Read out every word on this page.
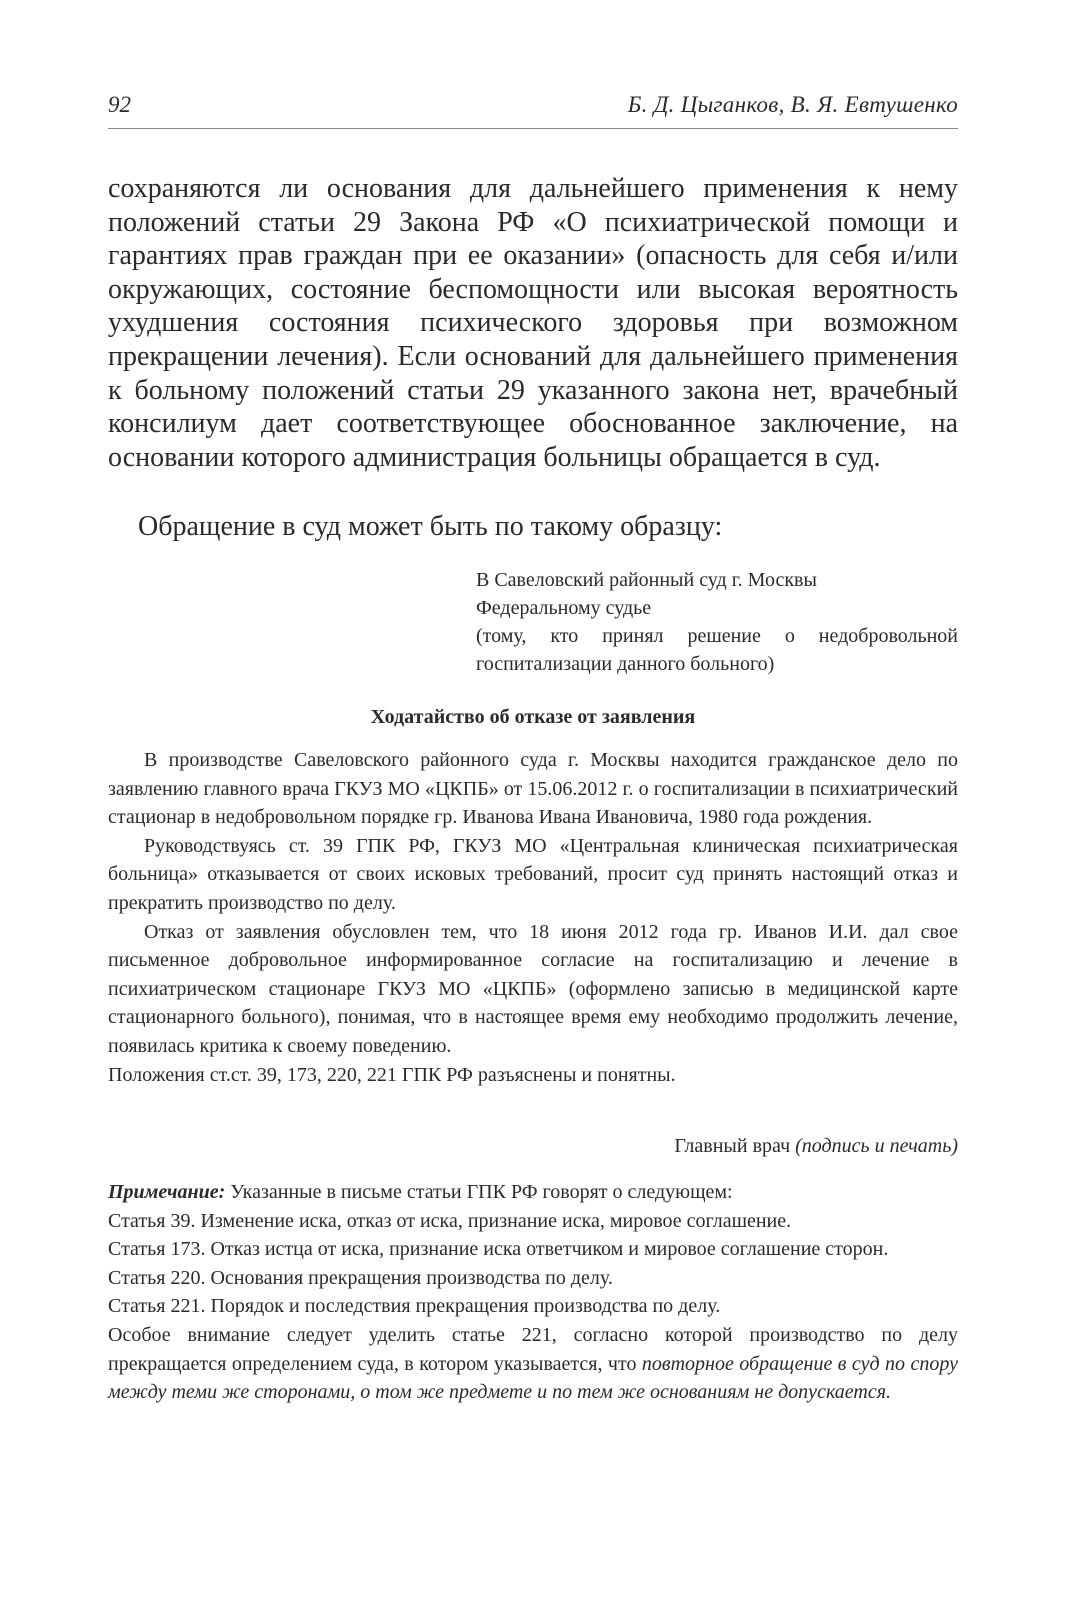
92	Б. Д. Цыганков, В. Я. Евтушенко

сохраняются ли основания для дальнейшего применения к нему положений статьи 29 Закона РФ «О психиатрической помощи и гарантиях прав граждан при ее оказании» (опасность для себя и/или окружающих, состояние беспомощности или высокая вероятность ухудшения состояния психического здоровья при возможном прекращении лечения). Если оснований для дальнейшего применения к больному положений статьи 29 указанного закона нет, врачебный консилиум дает соответствующее обоснованное заключение, на основании которого администрация больницы обращается в суд.

Обращение в суд может быть по такому образцу:
В Савеловский районный суд г. Москвы
Федеральному судье
(тому, кто принял решение о недобровольной
госпитализации данного больного)
Ходатайство об отказе от заявления

В производстве Савеловского районного суда г. Москвы находится гражданское дело по заявлению главного врача ГКУЗ МО «ЦКПБ» от 15.06.2012 г. о госпитализации в психиатрический стационар в недобровольном порядке гр. Иванова Ивана Ивановича, 1980 года рождения.

Руководствуясь ст. 39 ГПК РФ, ГКУЗ МО «Центральная клиническая психиатрическая больница» отказывается от своих исковых требований, просит суд принять настоящий отказ и прекратить производство по делу.

Отказ от заявления обусловлен тем, что 18 июня 2012 года гр. Иванов И.И. дал свое письменное добровольное информированное согласие на госпитализацию и лечение в психиатрическом стационаре ГКУЗ МО «ЦКПБ» (оформлено записью в медицинской карте стационарного больного), понимая, что в настоящее время ему необходимо продолжить лечение, появилась критика к своему поведению.

Положения ст.ст. 39, 173, 220, 221 ГПК РФ разъяснены и понятны.

Главный врач (подпись и печать)

Примечание: Указанные в письме статьи ГПК РФ говорят о следующем:

Статья 39. Изменение иска, отказ от иска, признание иска, мировое соглашение.

Статья 173. Отказ истца от иска, признание иска ответчиком и мировое соглашение сторон.

Статья 220. Основания прекращения производства по делу.

Статья 221. Порядок и последствия прекращения производства по делу.

Особое внимание следует уделить статье 221, согласно которой производство по делу прекращается определением суда, в котором указывается, что повторное обращение в суд по спору между теми же сторонами, о том же предмете и по тем же основаниям не допускается.
